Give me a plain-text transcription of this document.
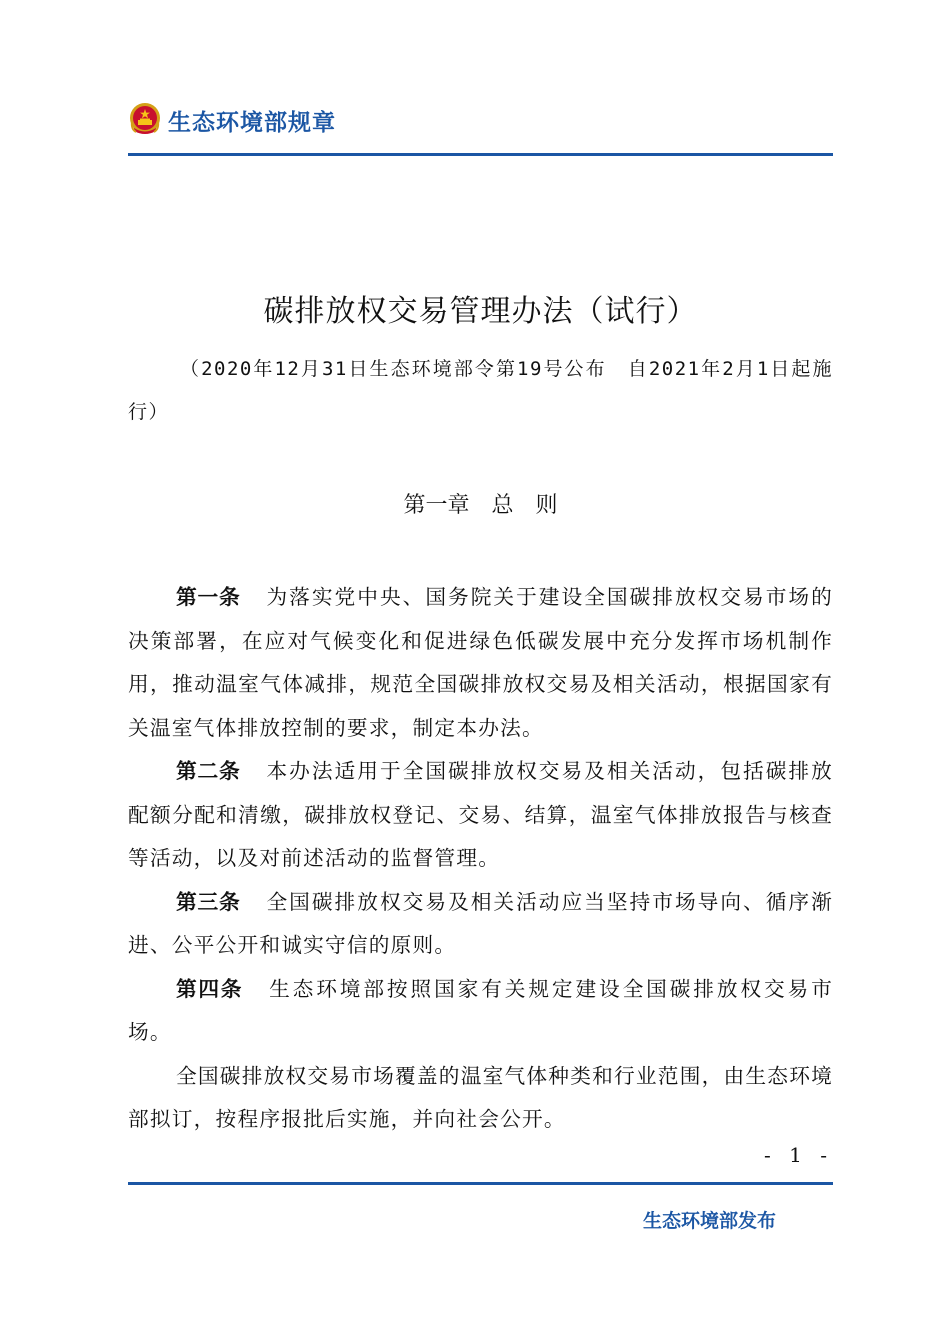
生态环境部规章
碳排放权交易管理办法（试行）
（2020年12月31日生态环境部令第19号公布　自2021年2月1日起施行）
第一章　总　则

第一条 为落实党中央、国务院关于建设全国碳排放权交易市场的决策部署，在应对气候变化和促进绿色低碳发展中充分发挥市场机制作用，推动温室气体减排，规范全国碳排放权交易及相关活动，根据国家有关温室气体排放控制的要求，制定本办法。

第二条 本办法适用于全国碳排放权交易及相关活动，包括碳排放配额分配和清缴，碳排放权登记、交易、结算，温室气体排放报告与核查等活动，以及对前述活动的监督管理。

第三条 全国碳排放权交易及相关活动应当坚持市场导向、循序渐进、公平公开和诚实守信的原则。

第四条 生态环境部按照国家有关规定建设全国碳排放权交易市场。

全国碳排放权交易市场覆盖的温室气体种类和行业范围，由生态环境部拟订，按程序报批后实施，并向社会公开。

- 1 -
生态环境部发布
